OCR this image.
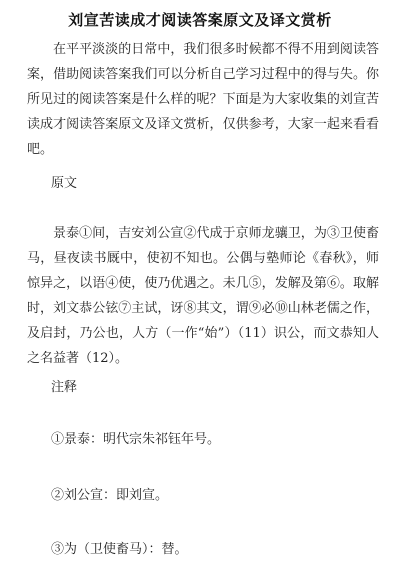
刘宣苦读成才阅读答案原文及译文赏析

在平平淡淡的日常中，我们很多时候都不得不用到阅读答案，借助阅读答案我们可以分析自己学习过程中的得与失。你所见过的阅读答案是什么样的呢？下面是为大家收集的刘宣苦读成才阅读答案原文及译文赏析，仅供参考，大家一起来看看吧。

原文

景泰①间，吉安刘公宣②代成于京师龙骧卫，为③卫使畜马，昼夜读书厩中，使初不知也。公偶与塾师论《春秋》，师惊异之，以语④使，使乃优遇之。未几⑤，发解及第⑥。取解时，刘文恭公铉⑦主试，讶⑧其文，谓⑨必⑩山林老儒之作，及启封，乃公也，人方（一作“始”）（11）识公，而文恭知人之名益著（12）。

注释
①景泰：明代宗朱祁钰年号。
②刘公宣：即刘宣。
③为（卫使畜马）：替。
